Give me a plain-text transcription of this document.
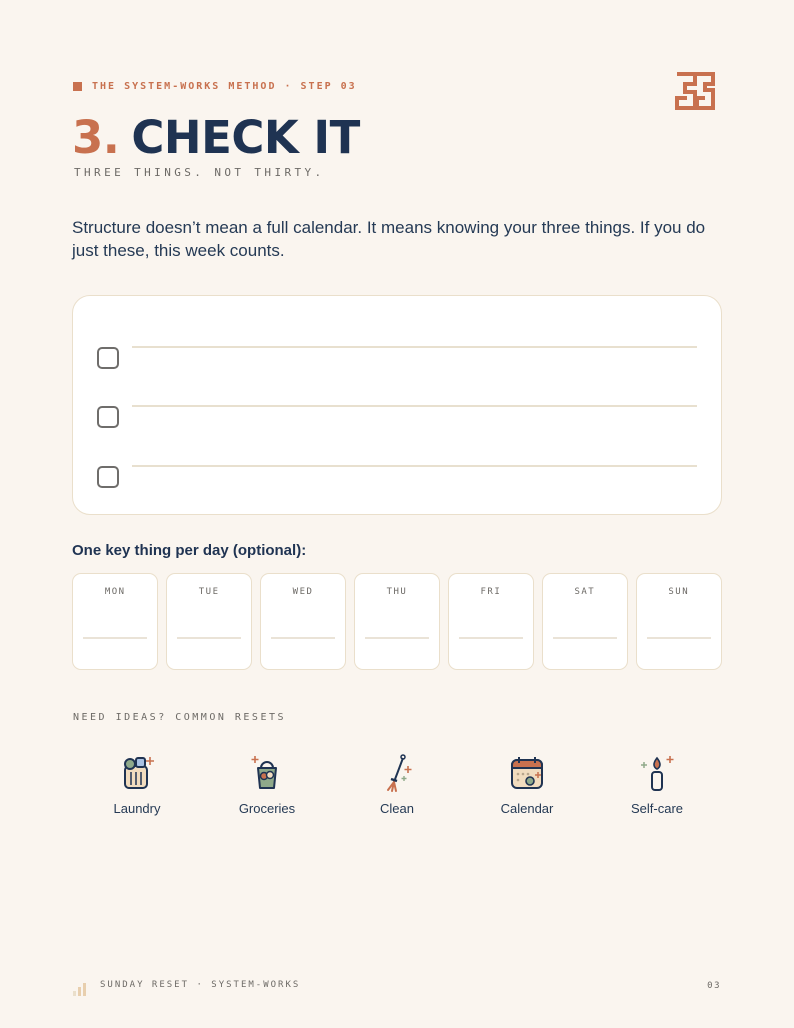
THE SYSTEM-WORKS METHOD · STEP 03
3. CHECK IT
THREE THINGS. NOT THIRTY.

Structure doesn’t mean a full calendar. It means knowing your three things. If you do just these, this week counts.

One key thing per day (optional):
MON	TUE	WED	THU	FRI	SAT	SUN
NEED IDEAS? COMMON RESETS
Laundry	Groceries	Clean	Calendar	Self-care
SUNDAY RESET · SYSTEM-WORKS	03
